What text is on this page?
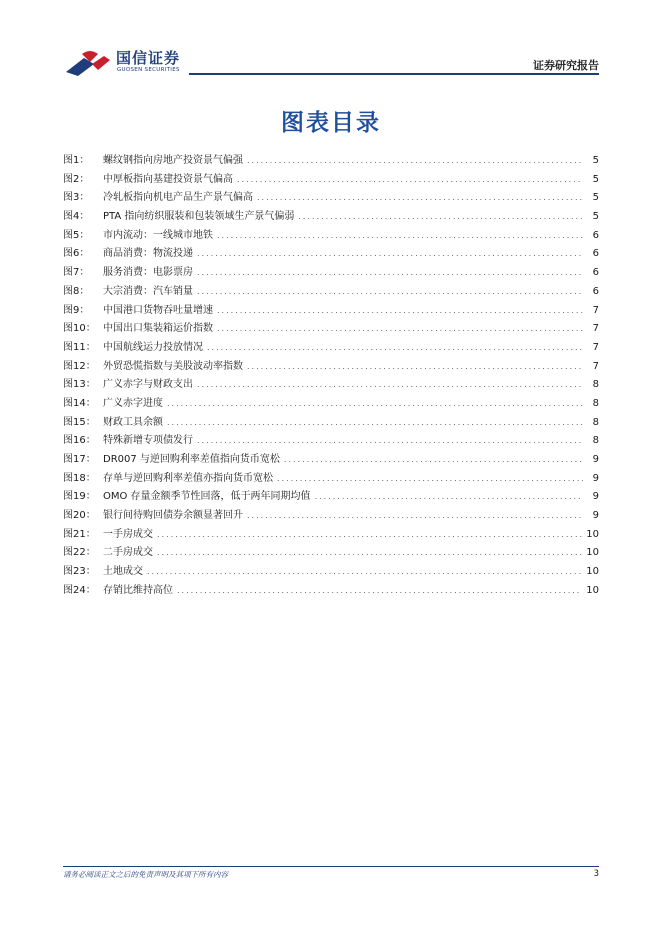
国信证券
GUOSEN SECURITIES	证券研究报告
图表目录
图1：	螺纹钢指向房地产投资景气偏强 .....	5
图2：	中厚板指向基建投资景气偏高 .....	5
图3：	冷轧板指向机电产品生产景气偏高 .....	5
图4：	PTA 指向纺织服装和包装领域生产景气偏弱 .....	5
图5：	市内流动：一线城市地铁 .....	6
图6：	商品消费：物流投递 .....	6
图7：	服务消费：电影票房 .....	6
图8：	大宗消费：汽车销量 .....	6
图9：	中国港口货物吞吐量增速 .....	7
图10： 中国出口集装箱运价指数 .....	7
图11： 中国航线运力投放情况 .....	7
图12： 外贸恐慌指数与美股波动率指数 .....	7
图13： 广义赤字与财政支出 .....	8
图14： 广义赤字进度 .....	8
图15： 财政工具余额 .....	8
图16： 特殊新增专项债发行 .....	8
图17： DR007 与逆回购利率差值指向货币宽松 .....	9
图18： 存单与逆回购利率差值亦指向货币宽松 .....	9
图19： OMO 存量金额季节性回落，低于两年同期均值 .....	9
图20： 银行间待购回债券余额显著回升 .....	9
图21： 一手房成交 .....	10
图22： 二手房成交 .....	10
图23： 土地成交 .....	10
图24： 存销比维持高位 .....	10
请务必阅读正文之后的免责声明及其项下所有内容	3
